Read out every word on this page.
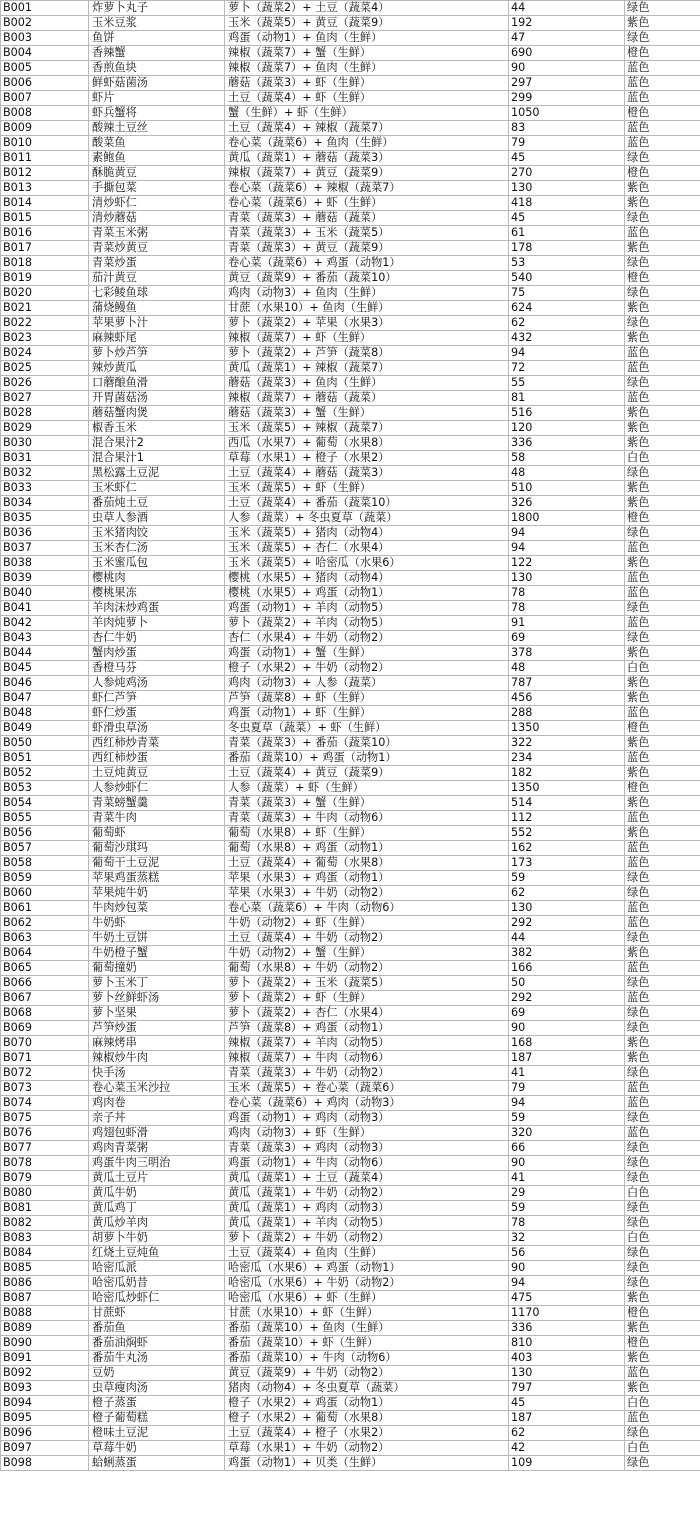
B001	炸萝卜丸子	萝卜（蔬菜2）+ 土豆（蔬菜4）	44	绿色
B002	玉米豆浆	玉米（蔬菜5）+ 黄豆（蔬菜9）	192	紫色
B003	鱼饼	鸡蛋（动物1）+ 鱼肉（生鲜）	47	绿色
B004	香辣蟹	辣椒（蔬菜7）+ 蟹（生鲜）	690	橙色
B005	香煎鱼块	辣椒（蔬菜7）+ 鱼肉（生鲜）	90	蓝色
B006	鲜虾菇菌汤	蘑菇（蔬菜3）+ 虾（生鲜）	297	蓝色
B007	虾片	土豆（蔬菜4）+ 虾（生鲜）	299	蓝色
B008	虾兵蟹将	蟹（生鲜）+ 虾（生鲜）	1050	橙色
B009	酸辣土豆丝	土豆（蔬菜4）+ 辣椒（蔬菜7）	83	蓝色
B010	酸菜鱼	卷心菜（蔬菜6）+ 鱼肉（生鲜）	79	蓝色
B011	素鲍鱼	黄瓜（蔬菜1）+ 蘑菇（蔬菜3）	45	绿色
B012	酥脆黄豆	辣椒（蔬菜7）+ 黄豆（蔬菜9）	270	橙色
B013	手撕包菜	卷心菜（蔬菜6）+ 辣椒（蔬菜7）	130	紫色
B014	清炒虾仁	卷心菜（蔬菜6）+ 虾（生鲜）	418	紫色
B015	清炒蘑菇	青菜（蔬菜3）+ 蘑菇（蔬菜）	45	绿色
B016	青菜玉米粥	青菜（蔬菜3）+ 玉米（蔬菜5）	61	蓝色
B017	青菜炒黄豆	青菜（蔬菜3）+ 黄豆（蔬菜9）	178	紫色
B018	青菜炒蛋	卷心菜（蔬菜6）+ 鸡蛋（动物1）	53	绿色
B019	茄汁黄豆	黄豆（蔬菜9）+ 番茄（蔬菜10）	540	橙色
B020	七彩鲮鱼球	鸡肉（动物3）+ 鱼肉（生鲜）	75	绿色
B021	蒲烧鳗鱼	甘蔗（水果10）+ 鱼肉（生鲜）	624	紫色
B022	苹果萝卜汁	萝卜（蔬菜2）+ 苹果（水果3）	62	绿色
B023	麻辣虾尾	辣椒（蔬菜7）+ 虾（生鲜）	432	紫色
B024	萝卜炒芦笋	萝卜（蔬菜2）+ 芦笋（蔬菜8）	94	蓝色
B025	辣炒黄瓜	黄瓜（蔬菜1）+ 辣椒（蔬菜7）	72	蓝色
B026	口蘑酿鱼滑	蘑菇（蔬菜3）+ 鱼肉（生鲜）	55	绿色
B027	开胃菌菇汤	辣椒（蔬菜7）+ 蘑菇（蔬菜）	81	蓝色
B028	蘑菇蟹肉煲	蘑菇（蔬菜3）+ 蟹（生鲜）	516	紫色
B029	椒香玉米	玉米（蔬菜5）+ 辣椒（蔬菜7）	120	紫色
B030	混合果汁2	西瓜（水果7）+ 葡萄（水果8）	336	紫色
B031	混合果汁1	草莓（水果1）+ 橙子（水果2）	58	白色
B032	黑松露土豆泥	土豆（蔬菜4）+ 蘑菇（蔬菜3）	48	绿色
B033	玉米虾仁	玉米（蔬菜5）+ 虾（生鲜）	510	紫色
B034	番茄炖土豆	土豆（蔬菜4）+ 番茄（蔬菜10）	326	紫色
B035	虫草人参酒	人参（蔬菜）+ 冬虫夏草（蔬菜）	1800	橙色
B036	玉米猪肉饺	玉米（蔬菜5）+ 猪肉（动物4）	94	绿色
B037	玉米杏仁汤	玉米（蔬菜5）+ 杏仁（水果4）	94	蓝色
B038	玉米蜜瓜包	玉米（蔬菜5）+ 哈密瓜（水果6）	122	紫色
B039	樱桃肉	樱桃（水果5）+ 猪肉（动物4）	130	蓝色
B040	樱桃果冻	樱桃（水果5）+ 鸡蛋（动物1）	78	蓝色
B041	羊肉沫炒鸡蛋	鸡蛋（动物1）+ 羊肉（动物5）	78	绿色
B042	羊肉炖萝卜	萝卜（蔬菜2）+ 羊肉（动物5）	91	蓝色
B043	杏仁牛奶	杏仁（水果4）+ 牛奶（动物2）	69	绿色
B044	蟹肉炒蛋	鸡蛋（动物1）+ 蟹（生鲜）	378	紫色
B045	香橙马芬	橙子（水果2）+ 牛奶（动物2）	48	白色
B046	人参炖鸡汤	鸡肉（动物3）+ 人参（蔬菜）	787	紫色
B047	虾仁芦笋	芦笋（蔬菜8）+ 虾（生鲜）	456	紫色
B048	虾仁炒蛋	鸡蛋（动物1）+ 虾（生鲜）	288	蓝色
B049	虾滑虫草汤	冬虫夏草（蔬菜）+ 虾（生鲜）	1350	橙色
B050	西红柿炒青菜	青菜（蔬菜3）+ 番茄（蔬菜10）	322	紫色
B051	西红柿炒蛋	番茄（蔬菜10）+ 鸡蛋（动物1）	234	蓝色
B052	土豆炖黄豆	土豆（蔬菜4）+ 黄豆（蔬菜9）	182	紫色
B053	人参炒虾仁	人参（蔬菜）+ 虾（生鲜）	1350	橙色
B054	青菜螃蟹羹	青菜（蔬菜3）+ 蟹（生鲜）	514	紫色
B055	青菜牛肉	青菜（蔬菜3）+ 牛肉（动物6）	112	蓝色
B056	葡萄虾	葡萄（水果8）+ 虾（生鲜）	552	紫色
B057	葡萄沙琪玛	葡萄（水果8）+ 鸡蛋（动物1）	162	蓝色
B058	葡萄干土豆泥	土豆（蔬菜4）+ 葡萄（水果8）	173	蓝色
B059	苹果鸡蛋蒸糕	苹果（水果3）+ 鸡蛋（动物1）	59	绿色
B060	苹果炖牛奶	苹果（水果3）+ 牛奶（动物2）	62	绿色
B061	牛肉炒包菜	卷心菜（蔬菜6）+ 牛肉（动物6）	130	蓝色
B062	牛奶虾	牛奶（动物2）+ 虾（生鲜）	292	蓝色
B063	牛奶土豆饼	土豆（蔬菜4）+ 牛奶（动物2）	44	绿色
B064	牛奶橙子蟹	牛奶（动物2）+ 蟹（生鲜）	382	紫色
B065	葡萄撞奶	葡萄（水果8）+ 牛奶（动物2）	166	蓝色
B066	萝卜玉米丁	萝卜（蔬菜2）+ 玉米（蔬菜5）	50	绿色
B067	萝卜丝鲜虾汤	萝卜（蔬菜2）+ 虾（生鲜）	292	蓝色
B068	萝卜坚果	萝卜（蔬菜2）+ 杏仁（水果4）	69	绿色
B069	芦笋炒蛋	芦笋（蔬菜8）+ 鸡蛋（动物1）	90	绿色
B070	麻辣烤串	辣椒（蔬菜7）+ 羊肉（动物5）	168	紫色
B071	辣椒炒牛肉	辣椒（蔬菜7）+ 牛肉（动物6）	187	紫色
B072	快手汤	青菜（蔬菜3）+ 牛奶（动物2）	41	绿色
B073	卷心菜玉米沙拉	玉米（蔬菜5）+ 卷心菜（蔬菜6）	79	蓝色
B074	鸡肉卷	卷心菜（蔬菜6）+ 鸡肉（动物3）	94	蓝色
B075	亲子丼	鸡蛋（动物1）+ 鸡肉（动物3）	59	绿色
B076	鸡翅包虾滑	鸡肉（动物3）+ 虾（生鲜）	320	蓝色
B077	鸡肉青菜粥	青菜（蔬菜3）+ 鸡肉（动物3）	66	绿色
B078	鸡蛋牛肉三明治	鸡蛋（动物1）+ 牛肉（动物6）	90	绿色
B079	黄瓜土豆片	黄瓜（蔬菜1）+ 土豆（蔬菜4）	41	绿色
B080	黄瓜牛奶	黄瓜（蔬菜1）+ 牛奶（动物2）	29	白色
B081	黄瓜鸡丁	黄瓜（蔬菜1）+ 鸡肉（动物3）	59	绿色
B082	黄瓜炒羊肉	黄瓜（蔬菜1）+ 羊肉（动物5）	78	绿色
B083	胡萝卜牛奶	萝卜（蔬菜2）+ 牛奶（动物2）	32	白色
B084	红烧土豆炖鱼	土豆（蔬菜4）+ 鱼肉（生鲜）	56	绿色
B085	哈密瓜派	哈密瓜（水果6）+ 鸡蛋（动物1）	90	绿色
B086	哈密瓜奶昔	哈密瓜（水果6）+ 牛奶（动物2）	94	绿色
B087	哈密瓜炒虾仁	哈密瓜（水果6）+ 虾（生鲜）	475	紫色
B088	甘蔗虾	甘蔗（水果10）+ 虾（生鲜）	1170	橙色
B089	番茄鱼	番茄（蔬菜10）+ 鱼肉（生鲜）	336	紫色
B090	番茄油焖虾	番茄（蔬菜10）+ 虾（生鲜）	810	橙色
B091	番茄牛丸汤	番茄（蔬菜10）+ 牛肉（动物6）	403	紫色
B092	豆奶	黄豆（蔬菜9）+ 牛奶（动物2）	130	蓝色
B093	虫草瘦肉汤	猪肉（动物4）+ 冬虫夏草（蔬菜）	797	紫色
B094	橙子蒸蛋	橙子（水果2）+ 鸡蛋（动物1）	45	白色
B095	橙子葡萄糕	橙子（水果2）+ 葡萄（水果8）	187	蓝色
B096	橙味土豆泥	土豆（蔬菜4）+ 橙子（水果2）	62	绿色
B097	草莓牛奶	草莓（水果1）+ 牛奶（动物2）	42	白色
B098	蛤蜊蒸蛋	鸡蛋（动物1）+ 贝类（生鲜）	109	绿色
